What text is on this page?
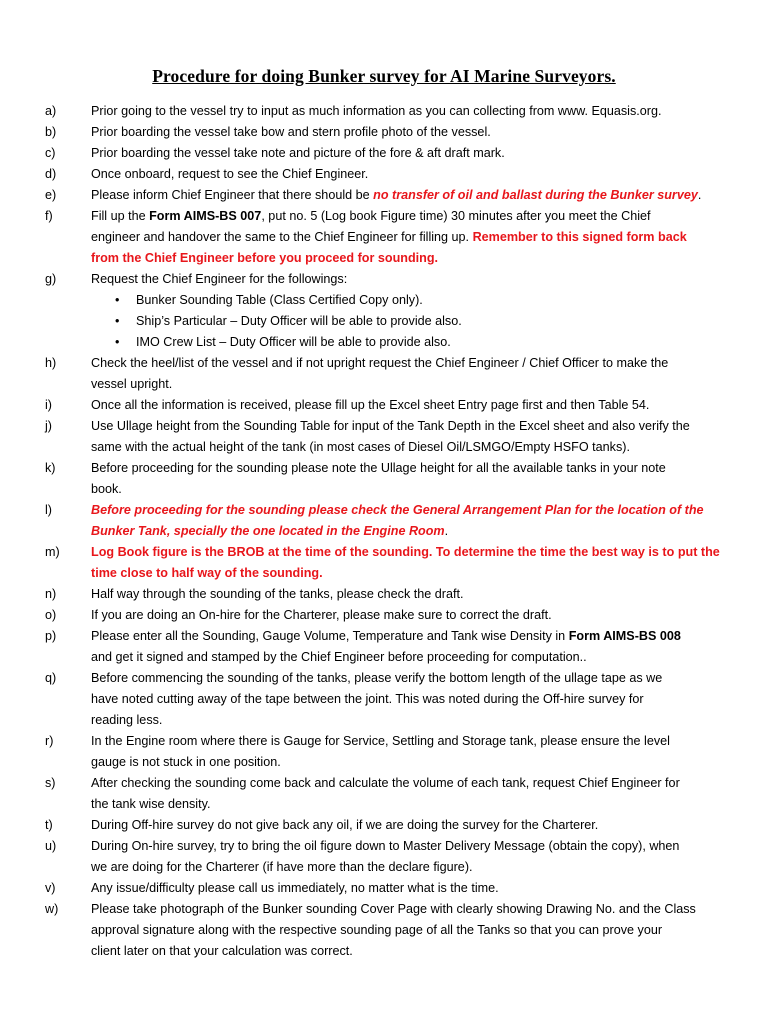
Procedure for doing Bunker survey for AI Marine Surveyors.
a)	Prior going to the vessel try to input as much information as you can collecting from www. Equasis.org.
b)	Prior boarding the vessel take bow and stern profile photo of the vessel.
c)	Prior boarding the vessel take note and picture of the fore & aft draft mark.
d)	Once onboard, request to see the Chief Engineer.
e)	Please inform Chief Engineer that there should be no transfer of oil and ballast during the Bunker survey.
f)	Fill up the Form AIMS-BS 007, put no. 5 (Log book Figure time) 30 minutes after you meet the Chief
engineer and handover the same to the Chief Engineer for filling up. Remember to this signed form back
from the Chief Engineer before you proceed for sounding.
g)	Request the Chief Engineer for the followings:
• Bunker Sounding Table (Class Certified Copy only).
• Ship’s Particular – Duty Officer will be able to provide also.
• IMO Crew List – Duty Officer will be able to provide also.
h)	Check the heel/list of the vessel and if not upright request the Chief Engineer / Chief Officer to make the
vessel upright.
i)	Once all the information is received, please fill up the Excel sheet Entry page first and then Table 54.
j)	Use Ullage height from the Sounding Table for input of the Tank Depth in the Excel sheet and also verify the
same with the actual height of the tank (in most cases of Diesel Oil/LSMGO/Empty HSFO tanks).
k)	Before proceeding for the sounding please note the Ullage height for all the available tanks in your note
book.
l)	Before proceeding for the sounding please check the General Arrangement Plan for the location of the
Bunker Tank, specially the one located in the Engine Room.
m) Log Book figure is the BROB at the time of the sounding. To determine the time the best way is to put the
time close to half way of the sounding.
n)	Half way through the sounding of the tanks, please check the draft.
o)	If you are doing an On-hire for the Charterer, please make sure to correct the draft.
p)	Please enter all the Sounding, Gauge Volume, Temperature and Tank wise Density in Form AIMS-BS 008
and get it signed and stamped by the Chief Engineer before proceeding for computation..
q)	Before commencing the sounding of the tanks, please verify the bottom length of the ullage tape as we
have noted cutting away of the tape between the joint. This was noted during the Off-hire survey for
reading less.
r)	In the Engine room where there is Gauge for Service, Settling and Storage tank, please ensure the level
gauge is not stuck in one position.
s)	After checking the sounding come back and calculate the volume of each tank, request Chief Engineer for
the tank wise density.
t)	During Off-hire survey do not give back any oil, if we are doing the survey for the Charterer.
u)	During On-hire survey, try to bring the oil figure down to Master Delivery Message (obtain the copy), when
we are doing for the Charterer (if have more than the declare figure).
v)	Any issue/difficulty please call us immediately, no matter what is the time.
w)	Please take photograph of the Bunker sounding Cover Page with clearly showing Drawing No. and the Class
approval signature along with the respective sounding page of all the Tanks so that you can prove your
client later on that your calculation was correct.
